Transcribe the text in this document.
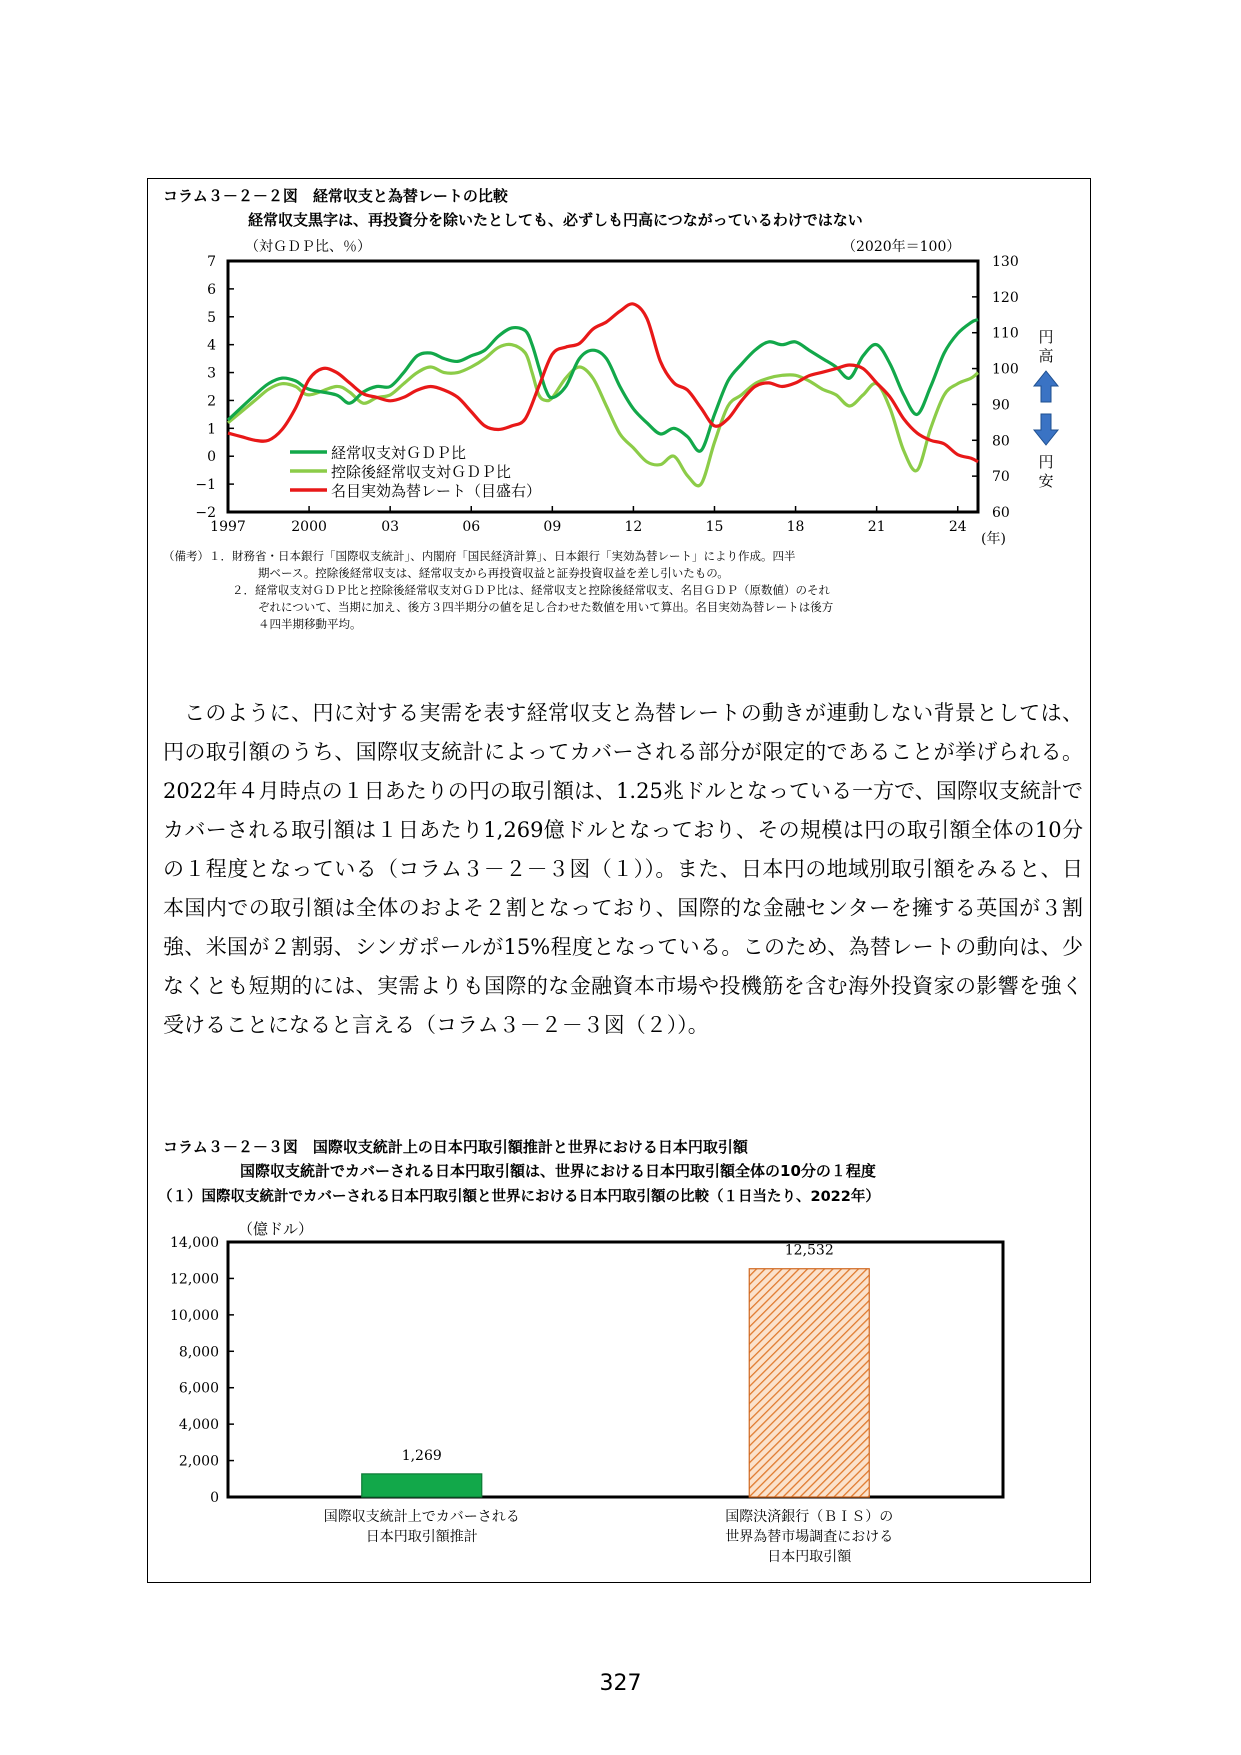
コラム３－２－２図　経常収支と為替レートの比較
経常収支黒字は、再投資分を除いたとしても、必ずしも円高につながっているわけではない
7
6
5
4
3
2
1
0
−1
−2
130
120
110
100
90
80
70
60
1997	2000	03	06	09	12	15	18	21	24
経常収支対ＧＤＰ比
控除後経常収支対ＧＤＰ比
名目実効為替レート（目盛右）
（対ＧＤＰ比、％）	（2020年＝100）
(年)
円
高
円
安
（備考）１．財務省・日本銀行「国際収支統計」、内閣府「国民経済計算」、日本銀行「実効為替レート」により作成。四半
期ベース。控除後経常収支は、経常収支から再投資収益と証券投資収益を差し引いたもの。
２．経常収支対ＧＤＰ比と控除後経常収支対ＧＤＰ比は、経常収支と控除後経常収支、名目ＧＤＰ（原数値）のそれ
ぞれについて、当期に加え、後方３四半期分の値を足し合わせた数値を用いて算出。名目実効為替レートは後方
４四半期移動平均。

このように、円に対する実需を表す経常収支と為替レートの動きが連動しない背景としては、円の取引額のうち、国際収支統計によってカバーされる部分が限定的であることが挙げられる。2022年４月時点の１日あたりの円の取引額は、1.25兆ドルとなっている一方で、国際収支統計でカバーされる取引額は１日あたり1,269億ドルとなっており、その規模は円の取引額全体の10分の１程度となっている（コラム３－２－３図（１））。また、日本円の地域別取引額をみると、日本国内での取引額は全体のおよそ２割となっており、国際的な金融センターを擁する英国が３割強、米国が２割弱、シンガポールが15%程度となっている。このため、為替レートの動向は、少なくとも短期的には、実需よりも国際的な金融資本市場や投機筋を含む海外投資家の影響を強く受けることになると言える（コラム３－２－３図（２））。

コラム３－２－３図　国際収支統計上の日本円取引額推計と世界における日本円取引額
国際収支統計でカバーされる日本円取引額は、世界における日本円取引額全体の10分の１程度
（１）国際収支統計でカバーされる日本円取引額と世界における日本円取引額の比較（１日当たり、2022年）
14,000
12,000
10,000
8,000
6,000
4,000
2,000
0
1,269
12,532
（億ドル）
国際収支統計上でカバーされる
日本円取引額推計
国際決済銀行（ＢＩＳ）の
世界為替市場調査における
日本円取引額
327
